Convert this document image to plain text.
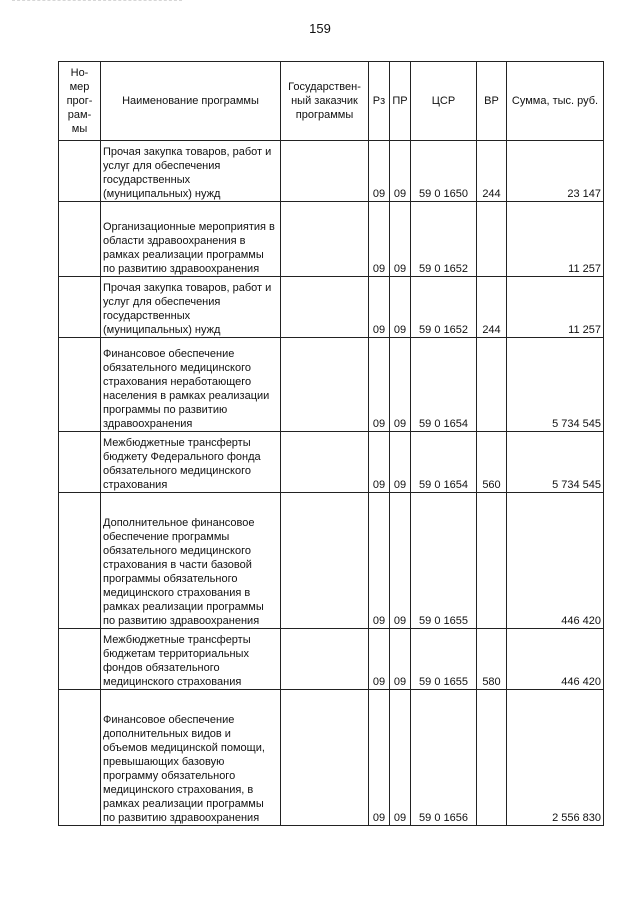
159
Но-мер прог-рам-мы	Наименование программы	Государствен-ный заказчик программы	Рз	ПР	ЦСР	ВР	Сумма, тыс. руб.
	Прочая закупка товаров, работ и услуг для обеспечения государственных (муниципальных) нужд		09	09	59 0 1650	244	23 147
	Организационные мероприятия в области здравоохранения в рамках реализации программы по развитию здравоохранения		09	09	59 0 1652		11 257
	Прочая закупка товаров, работ и услуг для обеспечения государственных (муниципальных) нужд		09	09	59 0 1652	244	11 257
	Финансовое обеспечение обязательного медицинского страхования неработающего населения в рамках реализации программы по развитию здравоохранения		09	09	59 0 1654		5 734 545
	Межбюджетные трансферты бюджету Федерального фонда обязательного медицинского страхования		09	09	59 0 1654	560	5 734 545
	Дополнительное финансовое обеспечение программы обязательного медицинского страхования в части базовой программы обязательного медицинского страхования в рамках реализации программы по развитию здравоохранения		09	09	59 0 1655		446 420
	Межбюджетные трансферты бюджетам территориальных фондов обязательного медицинского страхования		09	09	59 0 1655	580	446 420
	Финансовое обеспечение дополнительных видов и объемов медицинской помощи, превышающих базовую программу обязательного медицинского страхования, в рамках реализации программы по развитию здравоохранения		09	09	59 0 1656		2 556 830
